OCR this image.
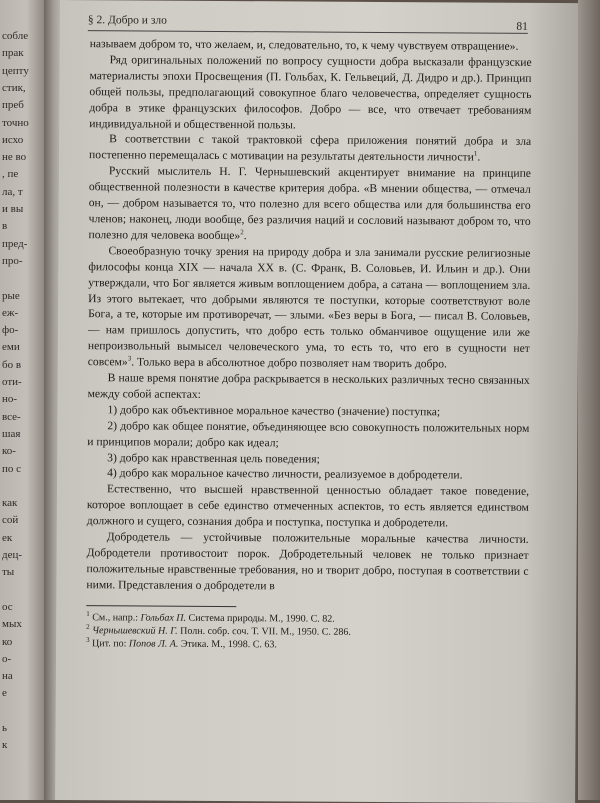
собле
прак
цепту
стик,
преб
точно
исхо
не во
, пе
ла, т
и вы
в
пред-
про-
рые
еж-
фо-
еми
бо в
оти-
но-
все-
шая
ко-
по с
как
сой
ек
дец-
ты
ос
мых
ко
о-
на
е
ь
к
§ 2. Добро и зло
81

называем добром то, что желаем, и, следовательно, то, к чему чувствуем отвращение».

Ряд оригинальных положений по вопросу сущности добра высказали французские материалисты эпохи Просвещения (П. Гольбах, К. Гельвеций, Д. Дидро и др.). Принцип общей пользы, предполагающий совокупное благо человечества, определяет сущность добра в этике французских философов. Добро — все, что отвечает требованиям индивидуальной и общественной пользы.

В соответствии с такой трактовкой сфера приложения понятий добра и зла постепенно перемещалась с мотивации на результаты деятельности личности$^1$.

Русский мыслитель Н. Г. Чернышевский акцентирует внимание на принципе общественной полезности в качестве критерия добра. «В мнении общества, — отмечал он, — добром называется то, что полезно для всего общества или для большинства его членов; наконец, люди вообще, без различия наций и сословий называют добром то, что полезно для человека вообще»$^2$.

Своеобразную точку зрения на природу добра и зла занимали русские религиозные философы конца XIX — начала XX в. (С. Франк, В. Соловьев, И. Ильин и др.). Они утверждали, что Бог является живым воплощением добра, а сатана — воплощением зла. Из этого вытекает, что добрыми являются те поступки, которые соответствуют воле Бога, а те, которые им противоречат, — злыми. «Без веры в Бога, — писал В. Соловьев, — нам пришлось допустить, что добро есть только обманчивое ощущение или же непроизвольный вымысел человеческого ума, то есть то, что его в сущности нет совсем»$^3$. Только вера в абсолютное добро позволяет нам творить добро.

В наше время понятие добра раскрывается в нескольких различных тесно связанных между собой аспектах:

1) добро как объективное моральное качество (значение) поступка;

2) добро как общее понятие, объединяющее всю совокупность положительных норм и принципов морали; добро как идеал;

3) добро как нравственная цель поведения;

4) добро как моральное качество личности, реализуемое в добродетели.

Естественно, что высшей нравственной ценностью обладает такое поведение, которое воплощает в себе единство отмеченных аспектов, то есть является единством должного и сущего, сознания добра и поступка, поступка и добродетели.

Добродетель — устойчивые положительные моральные качества личности. Добродетели противостоит порок. Добродетельный человек не только признает положительные нравственные требования, но и творит добро, поступая в соответствии с ними. Представления о добродетели в

$^1$ См., напр.: Гольбах П. Система природы. М., 1990. С. 82.

$^2$ Чернышевский Н. Г. Полн. собр. соч. Т. VII. М., 1950. С. 286.

$^3$ Цит. по: Попов Л. А. Этика. М., 1998. С. 63.
